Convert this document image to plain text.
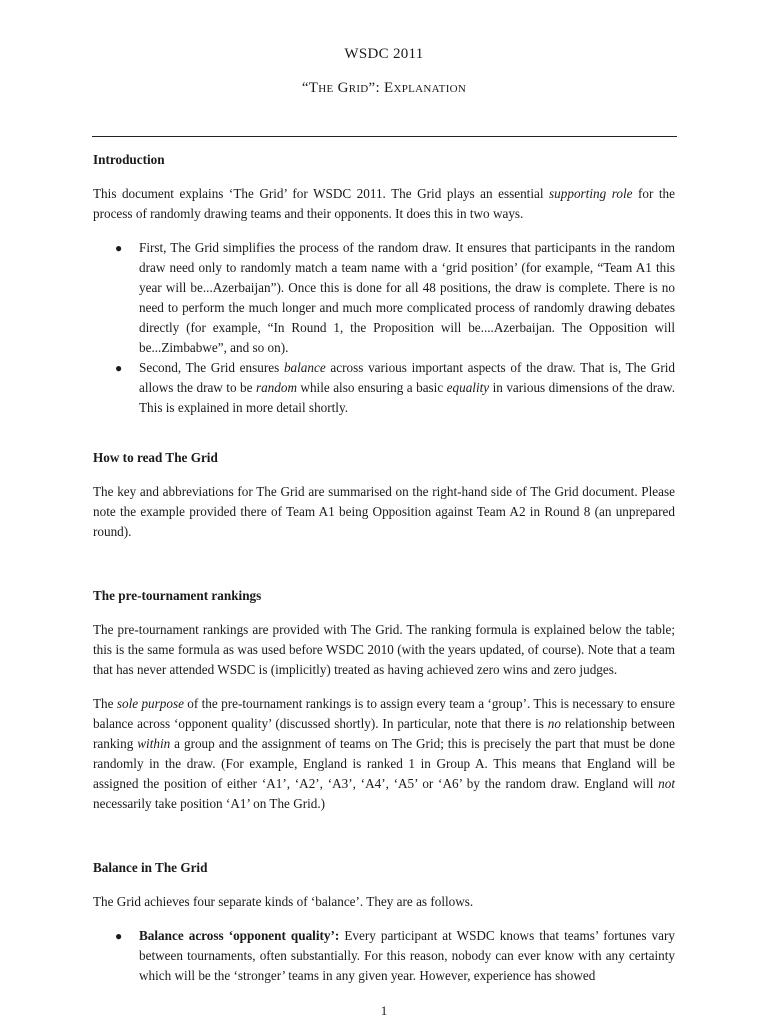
WSDC 2011
“The Grid”: Explanation
Introduction

This document explains ‘The Grid’ for WSDC 2011. The Grid plays an essential supporting role for the process of randomly drawing teams and their opponents. It does this in two ways.

● First, The Grid simplifies the process of the random draw. It ensures that participants in the random draw need only to randomly match a team name with a ‘grid position’ (for example, “Team A1 this year will be...Azerbaijan”). Once this is done for all 48 positions, the draw is complete. There is no need to perform the much longer and much more complicated process of randomly drawing debates directly (for example, “In Round 1, the Proposition will be....Azerbaijan. The Opposition will be...Zimbabwe”, and so on).
● Second, The Grid ensures balance across various important aspects of the draw. That is, The Grid allows the draw to be random while also ensuring a basic equality in various dimensions of the draw. This is explained in more detail shortly.
How to read The Grid

The key and abbreviations for The Grid are summarised on the right-hand side of The Grid document. Please note the example provided there of Team A1 being Opposition against Team A2 in Round 8 (an unprepared round).

The pre-tournament rankings

The pre-tournament rankings are provided with The Grid. The ranking formula is explained below the table; this is the same formula as was used before WSDC 2010 (with the years updated, of course). Note that a team that has never attended WSDC is (implicitly) treated as having achieved zero wins and zero judges.

The sole purpose of the pre-tournament rankings is to assign every team a ‘group’. This is necessary to ensure balance across ‘opponent quality’ (discussed shortly). In particular, note that there is no relationship between ranking within a group and the assignment of teams on The Grid; this is precisely the part that must be done randomly in the draw. (For example, England is ranked 1 in Group A. This means that England will be assigned the position of either ‘A1’, ‘A2’, ‘A3’, ‘A4’, ‘A5’ or ‘A6’ by the random draw. England will not necessarily take position ‘A1’ on The Grid.)

Balance in The Grid

The Grid achieves four separate kinds of ‘balance’. They are as follows.

● Balance across ‘opponent quality’: Every participant at WSDC knows that teams’ fortunes vary between tournaments, often substantially. For this reason, nobody can ever know with any certainty which will be the ‘stronger’ teams in any given year. However, experience has showed
1
